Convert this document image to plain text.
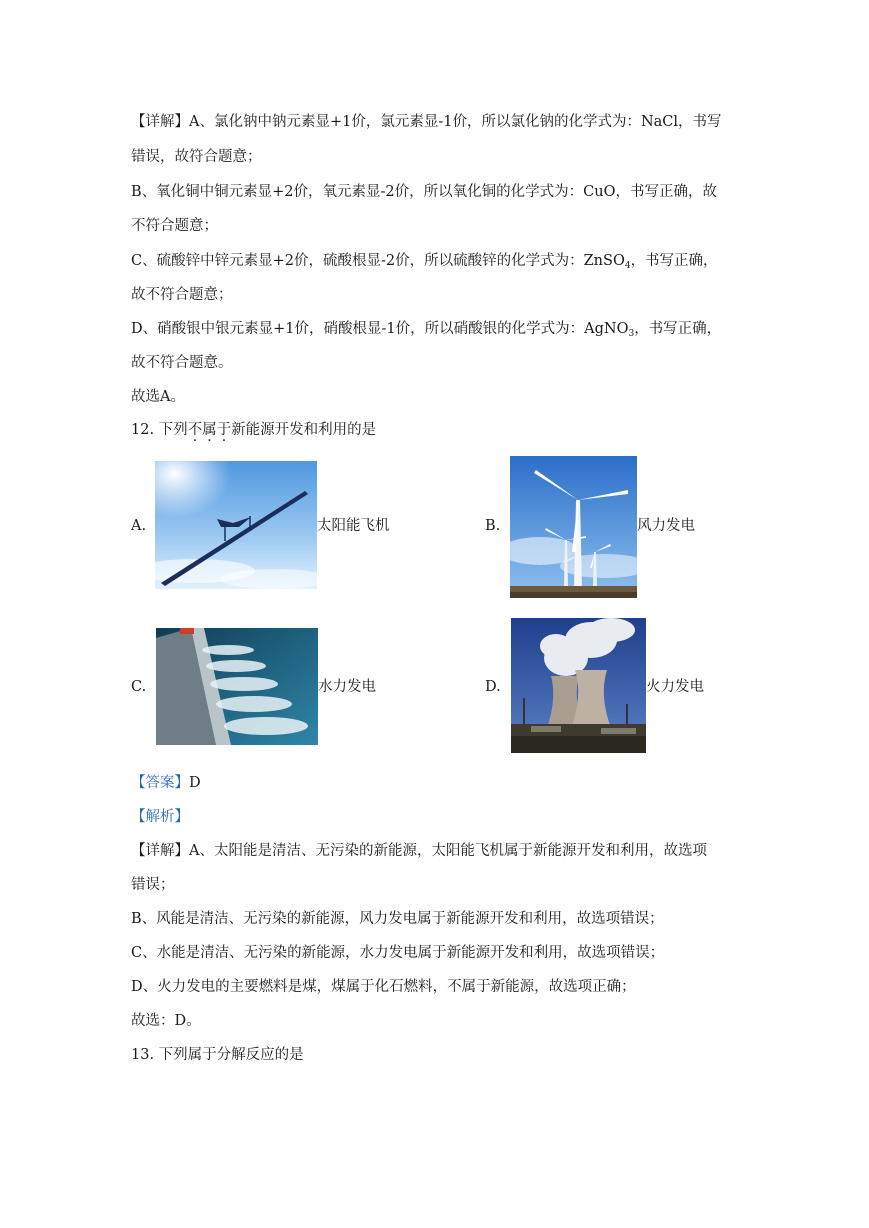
【详解】A、氯化钠中钠元素显+1价，氯元素显-1价，所以氯化钠的化学式为：NaCl，书写
错误，故符合题意；
B、氧化铜中铜元素显+2价，氧元素显-2价，所以氧化铜的化学式为：CuO，书写正确，故
不符合题意；
C、硫酸锌中锌元素显+2价，硫酸根显-2价，所以硫酸锌的化学式为：ZnSO$_4$，书写正确，
故不符合题意；
D、硝酸银中银元素显+1价，硝酸根显-1价，所以硝酸银的化学式为：AgNO$_3$，书写正确，
故不符合题意。
故选A。
12. 下列不属于新能源开发和利用的是
A.	太阳能飞机	B.	风力发电
C.	水力发电	D.	火力发电
【答案】D
【解析】
【详解】A、太阳能是清洁、无污染的新能源，太阳能飞机属于新能源开发和利用，故选项
错误；
B、风能是清洁、无污染的新能源，风力发电属于新能源开发和利用，故选项错误；
C、水能是清洁、无污染的新能源，水力发电属于新能源开发和利用，故选项错误；
D、火力发电的主要燃料是煤，煤属于化石燃料，不属于新能源，故选项正确；
故选：D。
13. 下列属于分解反应的是
